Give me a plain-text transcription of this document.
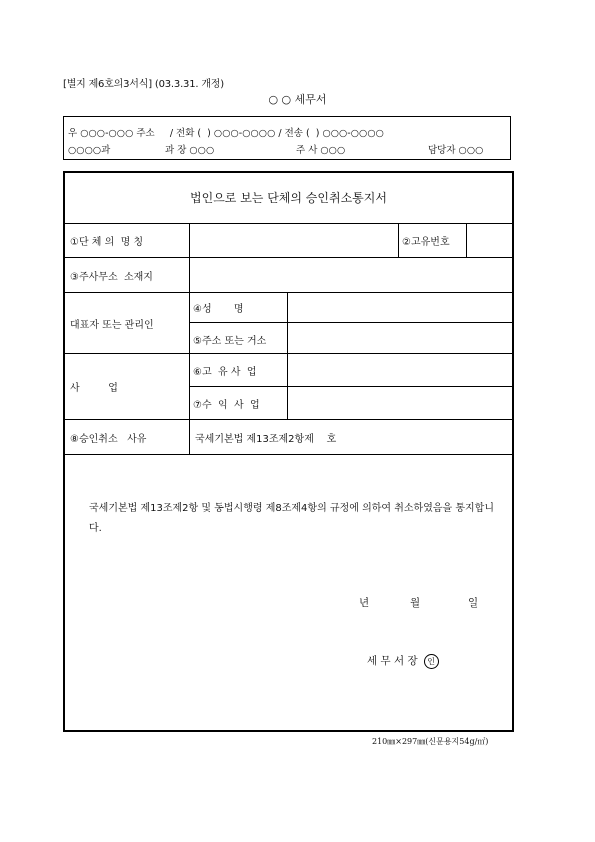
[별지 제6호의3서식] (03.3.31. 개정)
○ ○ 세무서
우 ○○○-○○○ 주소     / 전화 (  ) ○○○-○○○○ / 전송 (  ) ○○○-○○○○
○○○○과	과 장 ○○○	주 사 ○○○	담당자 ○○○
법인으로 보는 단체의 승인취소통지서
①단 체 의  명 칭	②고유번호
③주사무소  소재지
대표자 또는 관리인
④성       명
⑤주소 또는 거소
사         업
⑥고  유 사  업
⑦수  익  사  업
⑧승인취소   사유	국세기본법 제13조제2항제    호
국세기본법 제13조제2항 및 동법시행령 제8조제4항의 규정에 의하여 취소하였음을 통지합니다.
년	월	일
세 무 서 장 인
210㎜×297㎜(신문용지54g/㎡)
